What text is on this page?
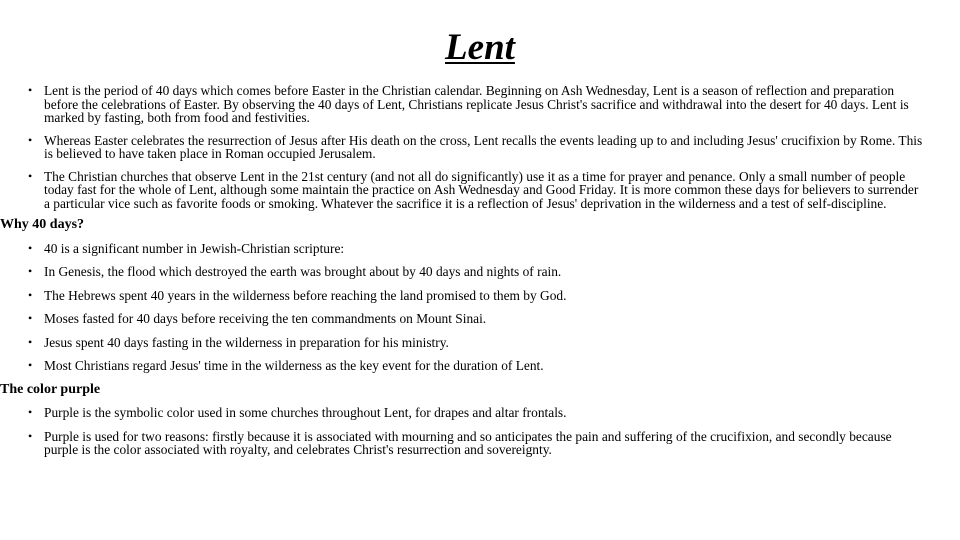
Lent
• Lent is the period of 40 days which comes before Easter in the Christian calendar. Beginning on Ash Wednesday, Lent is a season of reflection and preparation before the celebrations of Easter. By observing the 40 days of Lent, Christians replicate Jesus Christ's sacrifice and withdrawal into the desert for 40 days. Lent is marked by fasting, both from food and festivities.
• Whereas Easter celebrates the resurrection of Jesus after His death on the cross, Lent recalls the events leading up to and including Jesus' crucifixion by Rome. This is believed to have taken place in Roman occupied Jerusalem.
• The Christian churches that observe Lent in the 21st century (and not all do significantly) use it as a time for prayer and penance. Only a small number of people today fast for the whole of Lent, although some maintain the practice on Ash Wednesday and Good Friday. It is more common these days for believers to surrender a particular vice such as favorite foods or smoking. Whatever the sacrifice it is a reflection of Jesus' deprivation in the wilderness and a test of self-discipline.
Why 40 days?
• 40 is a significant number in Jewish-Christian scripture:
• In Genesis, the flood which destroyed the earth was brought about by 40 days and nights of rain.
• The Hebrews spent 40 years in the wilderness before reaching the land promised to them by God.
• Moses fasted for 40 days before receiving the ten commandments on Mount Sinai.
• Jesus spent 40 days fasting in the wilderness in preparation for his ministry.
• Most Christians regard Jesus' time in the wilderness as the key event for the duration of Lent.
The color purple
• Purple is the symbolic color used in some churches throughout Lent, for drapes and altar frontals.
• Purple is used for two reasons: firstly because it is associated with mourning and so anticipates the pain and suffering of the crucifixion, and secondly because purple is the color associated with royalty, and celebrates Christ's resurrection and sovereignty.
